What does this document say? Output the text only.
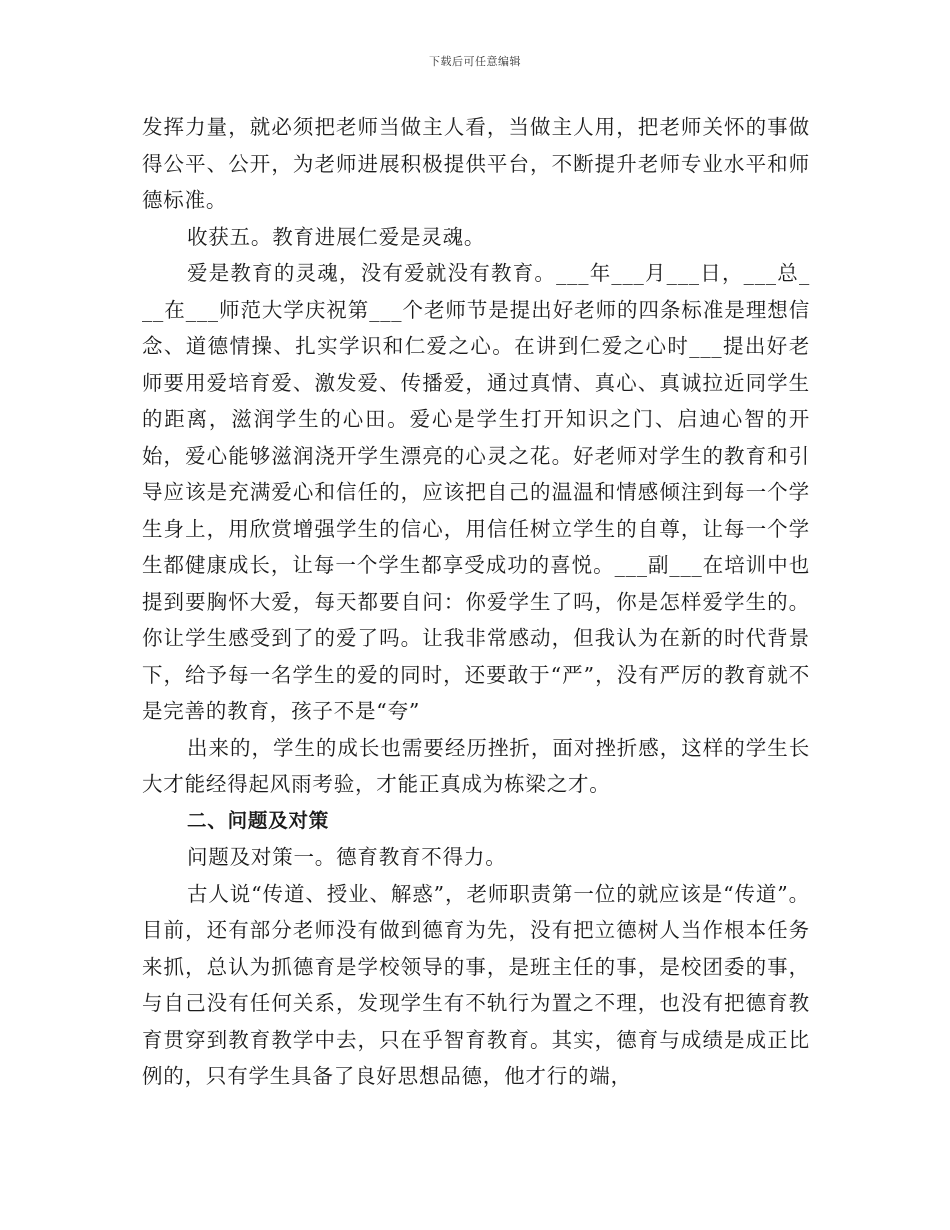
下载后可任意编辑

发挥力量，就必须把老师当做主人看，当做主人用，把老师关怀的事做得公平、公开，为老师进展积极提供平台，不断提升老师专业水平和师德标准。

收获五。教育进展仁爱是灵魂。

爱是教育的灵魂，没有爱就没有教育。___年___月___日，___总___在___师范大学庆祝第___个老师节是提出好老师的四条标准是理想信念、道德情操、扎实学识和仁爱之心。在讲到仁爱之心时___提出好老师要用爱培育爱、激发爱、传播爱，通过真情、真心、真诚拉近同学生的距离，滋润学生的心田。爱心是学生打开知识之门、启迪心智的开始，爱心能够滋润浇开学生漂亮的心灵之花。好老师对学生的教育和引导应该是充满爱心和信任的，应该把自己的温温和情感倾注到每一个学生身上，用欣赏增强学生的信心，用信任树立学生的自尊，让每一个学生都健康成长，让每一个学生都享受成功的喜悦。___副___在培训中也提到要胸怀大爱，每天都要自问：你爱学生了吗，你是怎样爱学生的。你让学生感受到了的爱了吗。让我非常感动，但我认为在新的时代背景下，给予每一名学生的爱的同时，还要敢于“严”，没有严厉的教育就不是完善的教育，孩子不是“夸”

出来的，学生的成长也需要经历挫折，面对挫折感，这样的学生长大才能经得起风雨考验，才能正真成为栋梁之才。

二、问题及对策

问题及对策一。德育教育不得力。

古人说“传道、授业、解惑”，老师职责第一位的就应该是“传道”。目前，还有部分老师没有做到德育为先，没有把立德树人当作根本任务来抓，总认为抓德育是学校领导的事，是班主任的事，是校团委的事，与自己没有任何关系，发现学生有不轨行为置之不理，也没有把德育教育贯穿到教育教学中去，只在乎智育教育。其实，德育与成绩是成正比例的，只有学生具备了良好思想品德，他才行的端，
